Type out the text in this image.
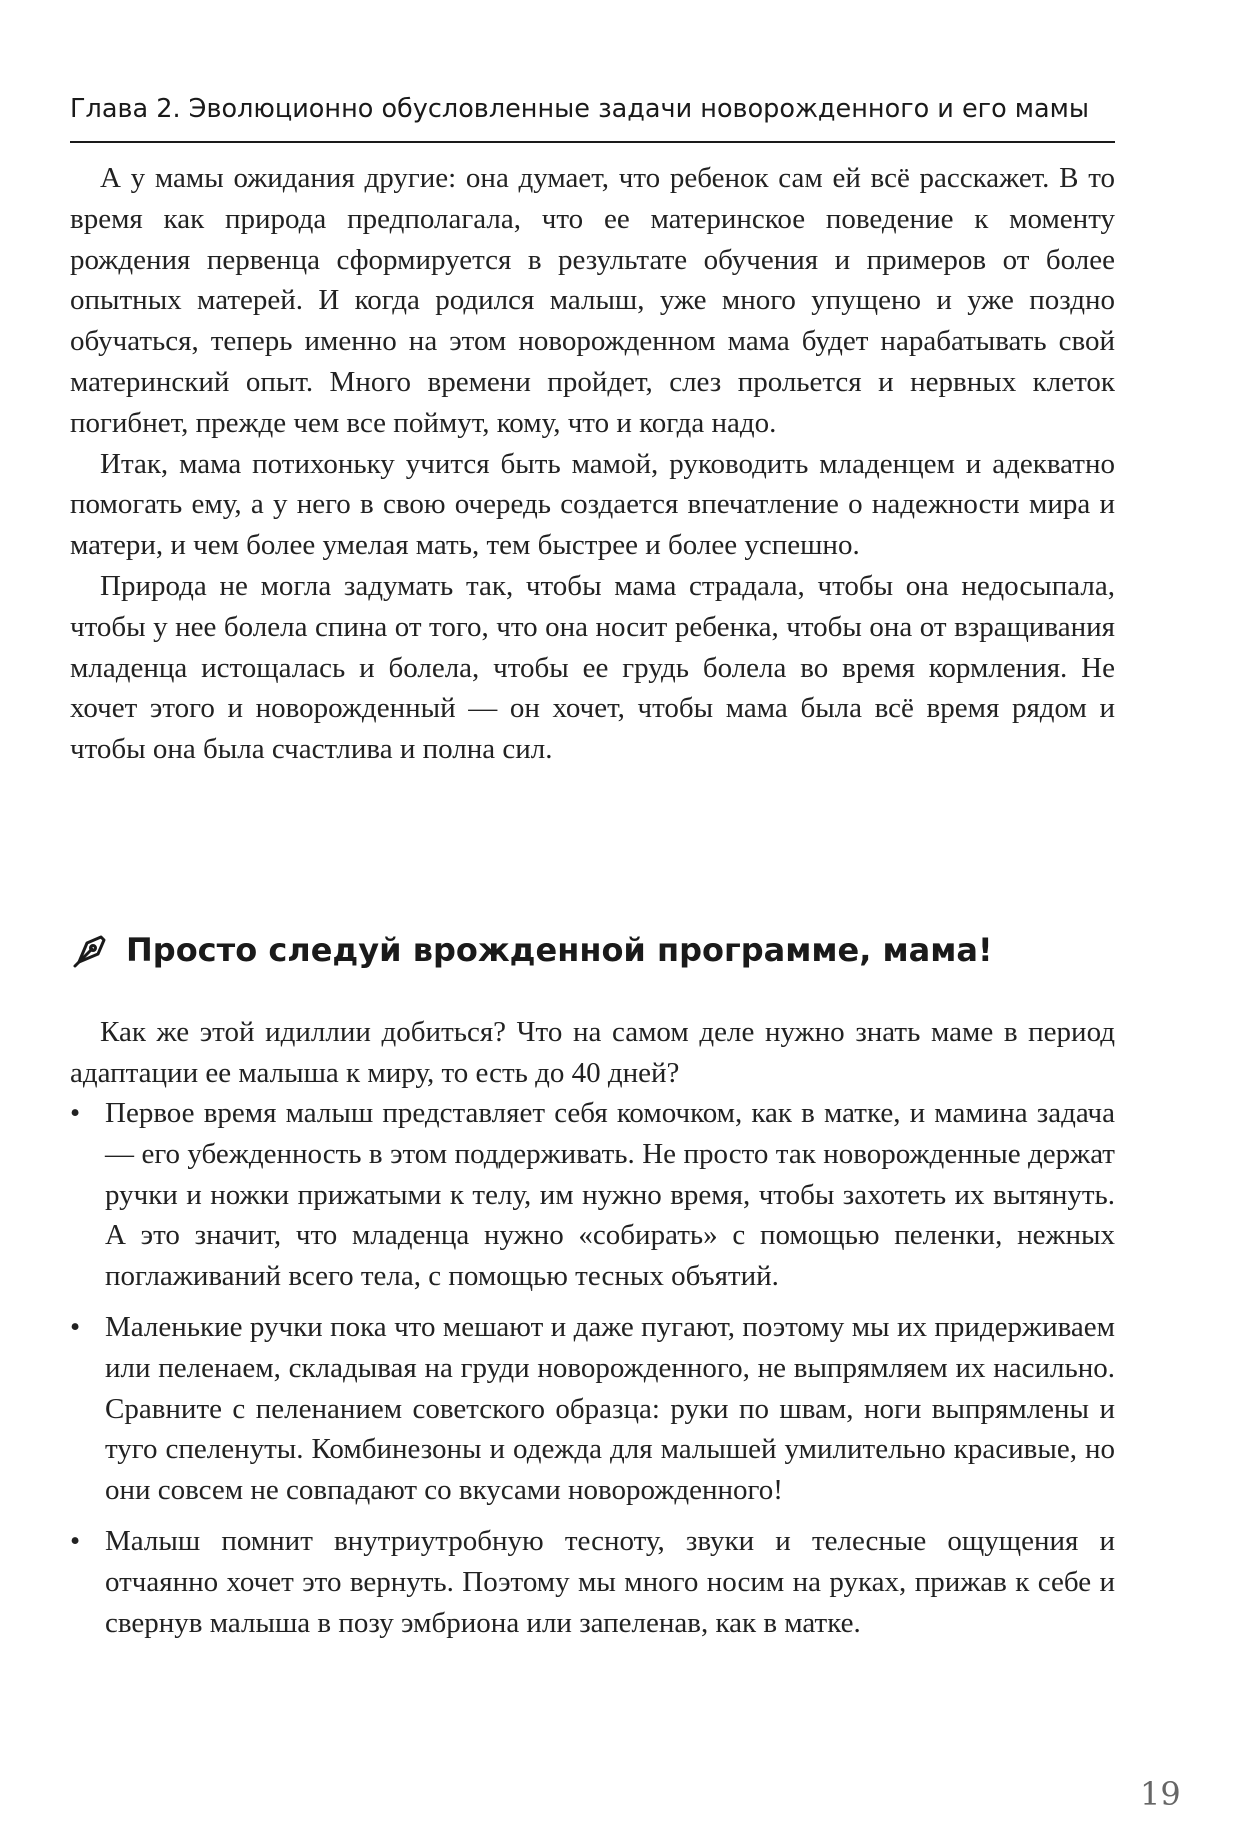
Глава 2. Эволюционно обусловленные задачи новорожденного и его мамы

А у мамы ожидания другие: она думает, что ребенок сам ей всё расскажет. В то время как природа предполагала, что ее материнское поведение к моменту рождения первенца сформируется в результате обучения и примеров от более опытных матерей. И когда родился малыш, уже много упущено и уже поздно обучаться, теперь именно на этом новорожденном мама будет нарабатывать свой материнский опыт. Много времени пройдет, слез прольется и нервных клеток погибнет, прежде чем все поймут, кому, что и когда надо.

Итак, мама потихоньку учится быть мамой, руководить младенцем и адекватно помогать ему, а у него в свою очередь создается впечатление о надежности мира и матери, и чем более умелая мать, тем быстрее и более успешно.

Природа не могла задумать так, чтобы мама страдала, чтобы она недосыпала, чтобы у нее болела спина от того, что она носит ребенка, чтобы она от взращивания младенца истощалась и болела, чтобы ее грудь болела во время кормления. Не хочет этого и новорожденный — он хочет, чтобы мама была всё время рядом и чтобы она была счастлива и полна сил.

Просто следуй врожденной программе, мама!

Как же этой идиллии добиться? Что на самом деле нужно знать маме в период адаптации ее малыша к миру, то есть до 40 дней?

• Первое время малыш представляет себя комочком, как в матке, и мамина задача — его убежденность в этом поддерживать. Не просто так новорожденные держат ручки и ножки прижатыми к телу, им нужно время, чтобы захотеть их вытянуть. А это значит, что младенца нужно «собирать» с помощью пеленки, нежных поглаживаний всего тела, с помощью тесных объятий.
• Маленькие ручки пока что мешают и даже пугают, поэтому мы их придерживаем или пеленаем, складывая на груди новорожденного, не выпрямляем их насильно. Сравните с пеленанием советского образца: руки по швам, ноги выпрямлены и туго спеленуты. Комбинезоны и одежда для малышей умилительно красивые, но они совсем не совпадают со вкусами новорожденного!
• Малыш помнит внутриутробную тесноту, звуки и телесные ощущения и отчаянно хочет это вернуть. Поэтому мы много носим на руках, прижав к себе и свернув малыша в позу эмбриона или запеленав, как в матке.
19
